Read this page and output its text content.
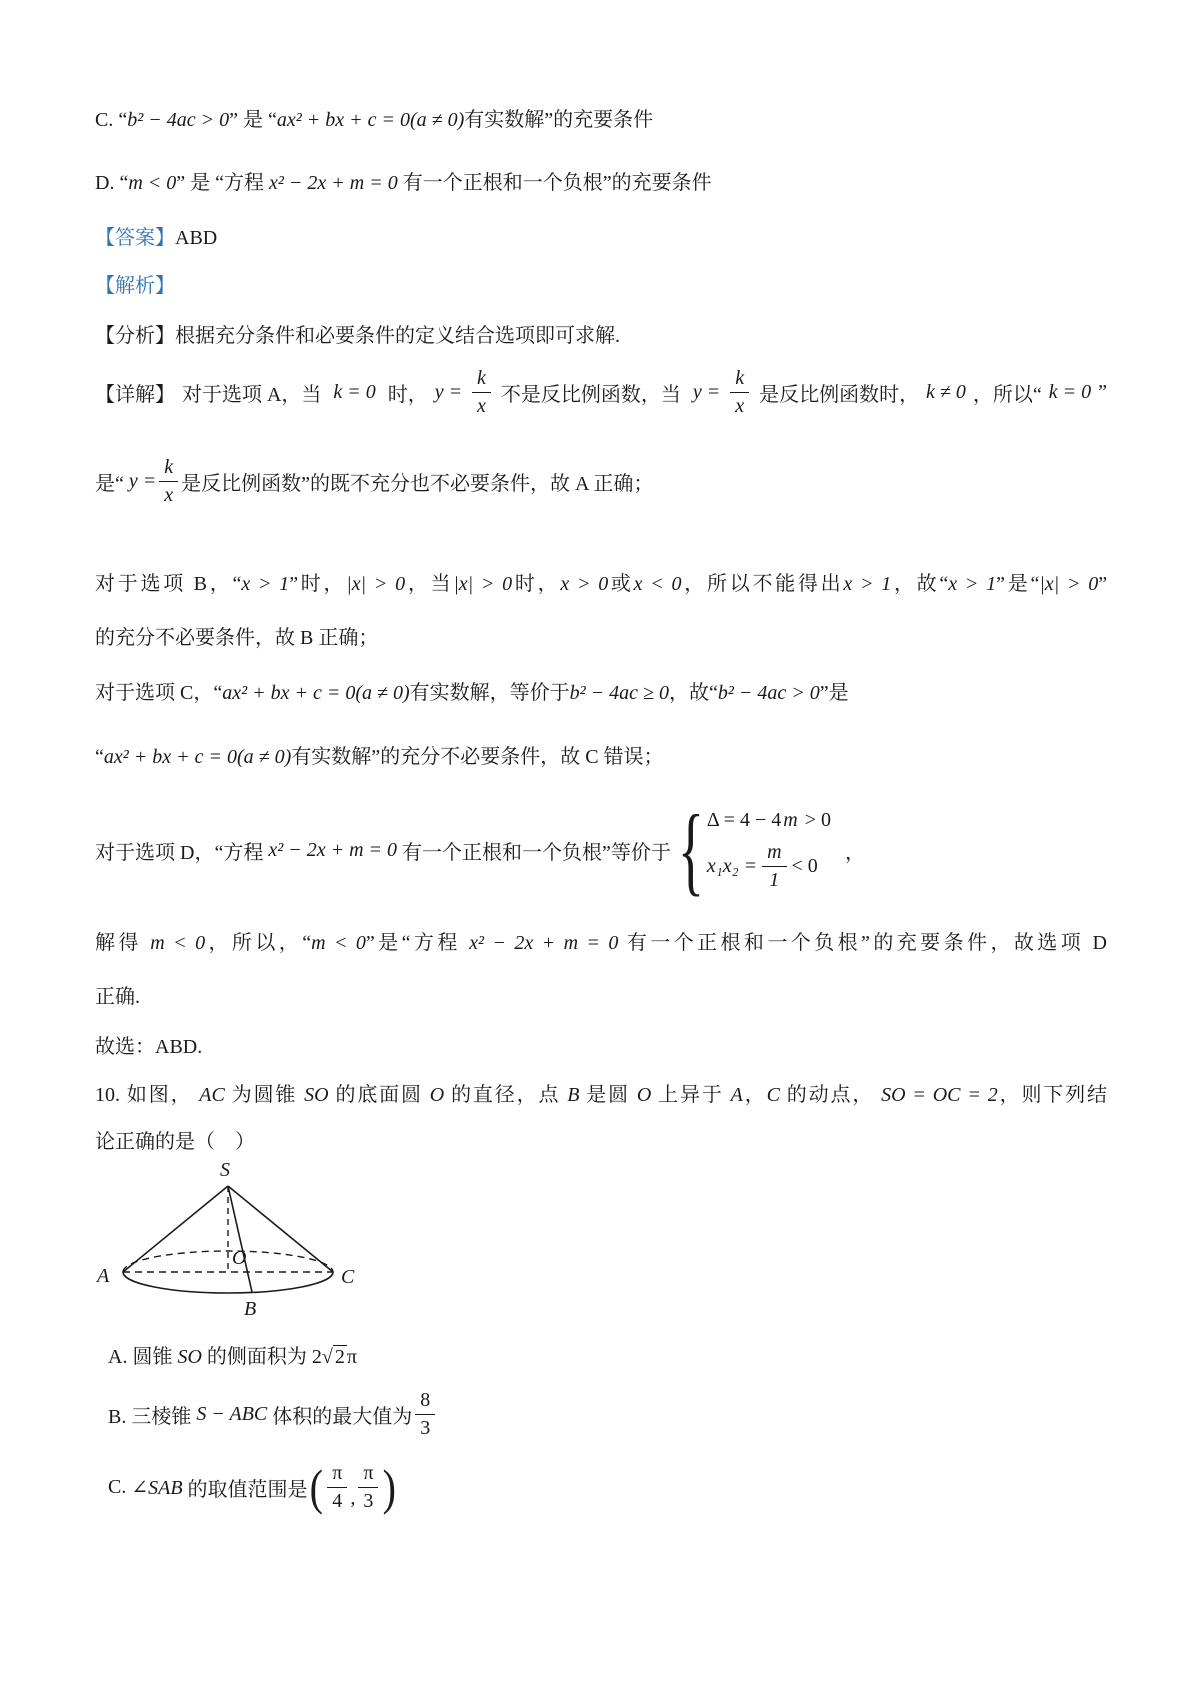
C. “b² − 4ac > 0” 是 “ax² + bx + c = 0(a ≠ 0)有实数解”的充要条件
D. “m < 0” 是 “方程 x² − 2x + m = 0 有一个正根和一个负根”的充要条件
【答案】ABD
【解析】
【分析】根据充分条件和必要条件的定义结合选项即可求解.
【详解】 对于选项 A，当 k = 0 时， $y = \frac{k}{x}$ 不是反比例函数，当 $y = \frac{k}{x}$ 是反比例函数时， k ≠ 0 ，所以“ k = 0 ”
是“ $y = \frac{k}{x}$ 是反比例函数”的既不充分也不必要条件，故 A 正确；
对于选项 B，“x > 1”时，|x| > 0，当|x| > 0时，x > 0或x < 0，所以不能得出x > 1，故“x > 1”是“|x| > 0”
的充分不必要条件，故 B 正确；
对于选项 C，“ax² + bx + c = 0(a ≠ 0)有实数解，等价于b² − 4ac ≥ 0，故“b² − 4ac > 0”是
“ax² + bx + c = 0(a ≠ 0)有实数解”的充分不必要条件，故 C 错误；
对于选项 D，“方程 x² − 2x + m = 0 有一个正根和一个负根”等价于 { Δ = 4 − 4 m > 0
$x_1x_2 = \frac{m}{1} < 0$
，
解得 m < 0，所以，“m < 0”是“方程 x² − 2x + m = 0 有一个正根和一个负根”的充要条件，故选项 D
正确.
故选：ABD.
10. 如图， AC 为圆锥 SO 的底面圆 O 的直径，点 B 是圆 O 上异于 A，C 的动点， SO = OC = 2，则下列结
论正确的是（    ）
S
A
O
C
B
A. 圆锥 SO 的侧面积为 2√ 2 π
B. 三棱锥 S − ABC 体积的最大值为 $\frac{8}{3}$
C. ∠SAB 的取值范围是 ( $\frac{\pi}{4}$ , $\frac{\pi}{3}$ )
